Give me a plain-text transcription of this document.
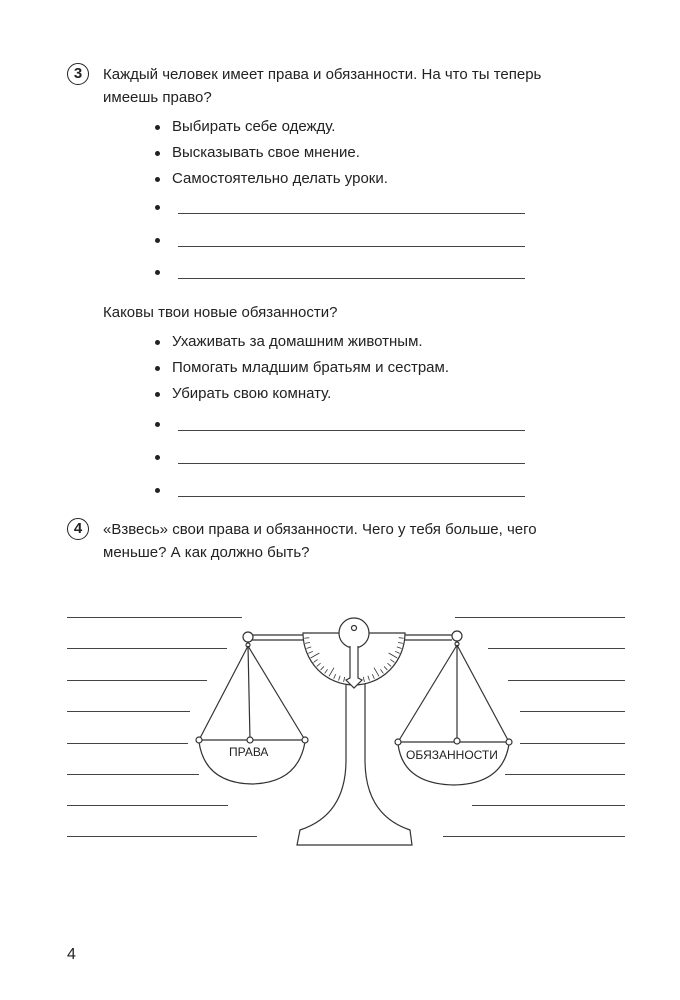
3	Каждый человек имеет права и обязанности. На что ты теперь
имеешь право?
Выбирать себе одежду.
Высказывать свое мнение.
Самостоятельно делать уроки.
Каковы твои новые обязанности?
Ухаживать за домашним животным.
Помогать младшим братьям и сестрам.
Убирать свою комнату.
4	«Взвесь» свои права и обязанности. Чего у тебя больше, чего
меньше? А как должно быть?
ПРАВА	ОБЯЗАННОСТИ
4
